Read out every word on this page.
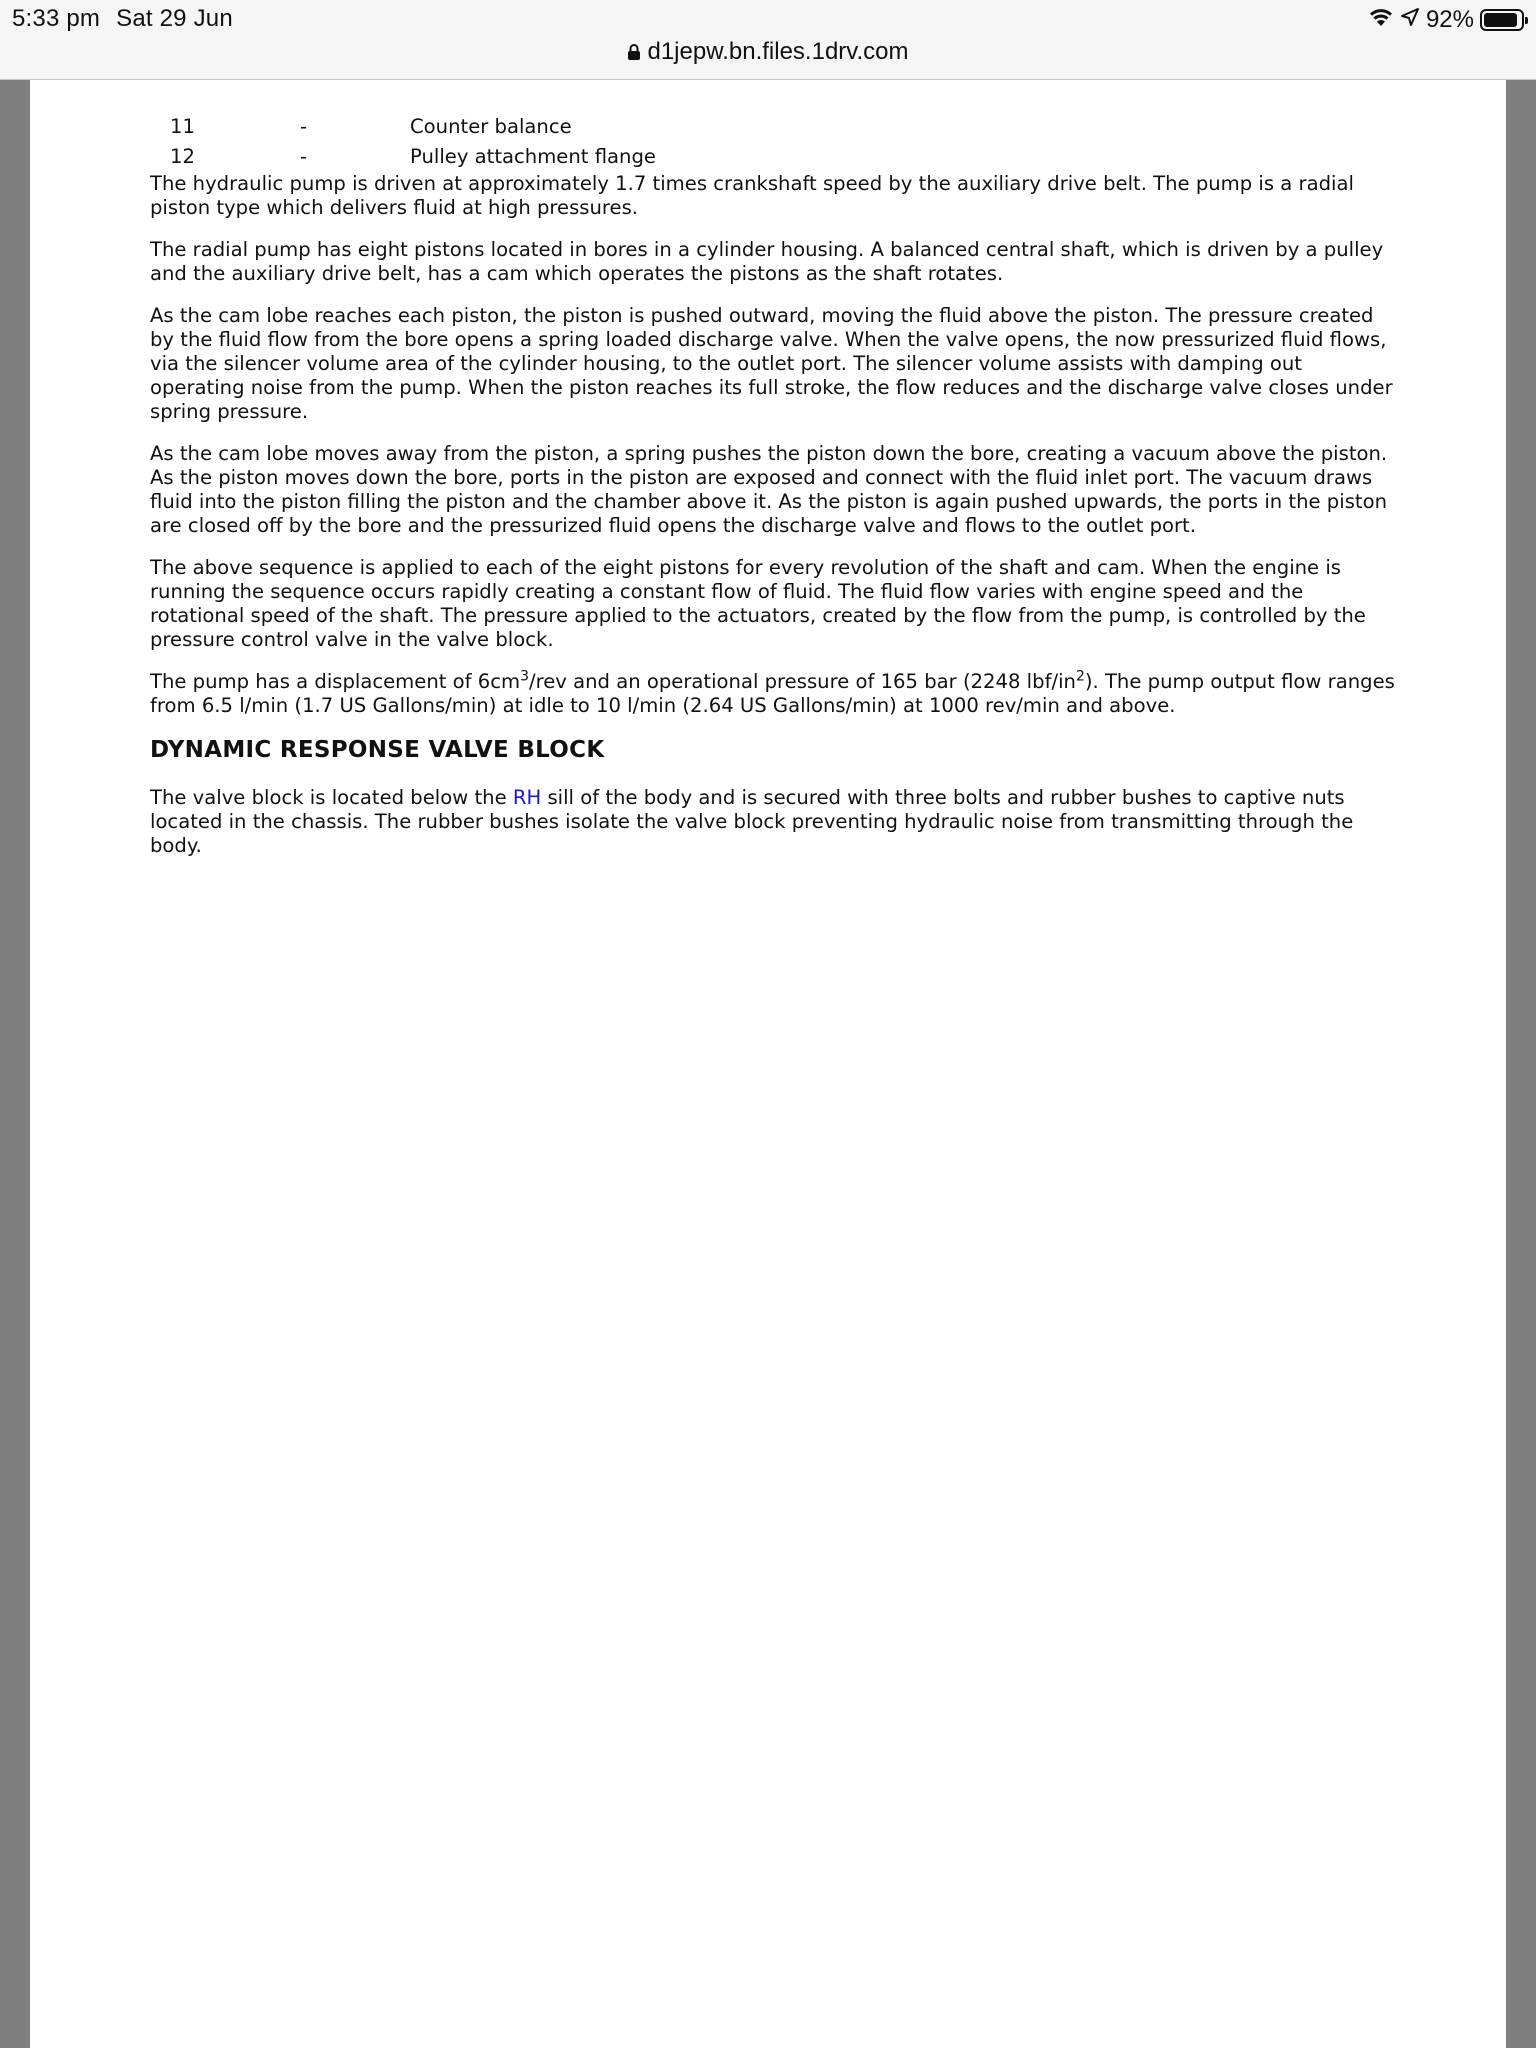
5:33 pm Sat 29 Jun	92%
d1jepw.bn.files.1drv.com
11	-	Counter balance
12	-	Pulley attachment flange

The hydraulic pump is driven at approximately 1.7 times crankshaft speed by the auxiliary drive belt. The pump is a radial piston type which delivers fluid at high pressures.

The radial pump has eight pistons located in bores in a cylinder housing. A balanced central shaft, which is driven by a pulley and the auxiliary drive belt, has a cam which operates the pistons as the shaft rotates.

As the cam lobe reaches each piston, the piston is pushed outward, moving the fluid above the piston. The pressure created by the fluid flow from the bore opens a spring loaded discharge valve. When the valve opens, the now pressurized fluid flows, via the silencer volume area of the cylinder housing, to the outlet port. The silencer volume assists with damping out operating noise from the pump. When the piston reaches its full stroke, the flow reduces and the discharge valve closes under spring pressure.

As the cam lobe moves away from the piston, a spring pushes the piston down the bore, creating a vacuum above the piston. As the piston moves down the bore, ports in the piston are exposed and connect with the fluid inlet port. The vacuum draws fluid into the piston filling the piston and the chamber above it. As the piston is again pushed upwards, the ports in the piston are closed off by the bore and the pressurized fluid opens the discharge valve and flows to the outlet port.

The above sequence is applied to each of the eight pistons for every revolution of the shaft and cam. When the engine is running the sequence occurs rapidly creating a constant flow of fluid. The fluid flow varies with engine speed and the rotational speed of the shaft. The pressure applied to the actuators, created by the flow from the pump, is controlled by the pressure control valve in the valve block.

The pump has a displacement of $6cm^3$/rev and an operational pressure of 165 bar (2248 lbf/$in^2$). The pump output flow ranges from 6.5 l/min (1.7 US Gallons/min) at idle to 10 l/min (2.64 US Gallons/min) at 1000 rev/min and above.

DYNAMIC RESPONSE VALVE BLOCK

The valve block is located below the RH sill of the body and is secured with three bolts and rubber bushes to captive nuts located in the chassis. The rubber bushes isolate the valve block preventing hydraulic noise from transmitting through the body.
